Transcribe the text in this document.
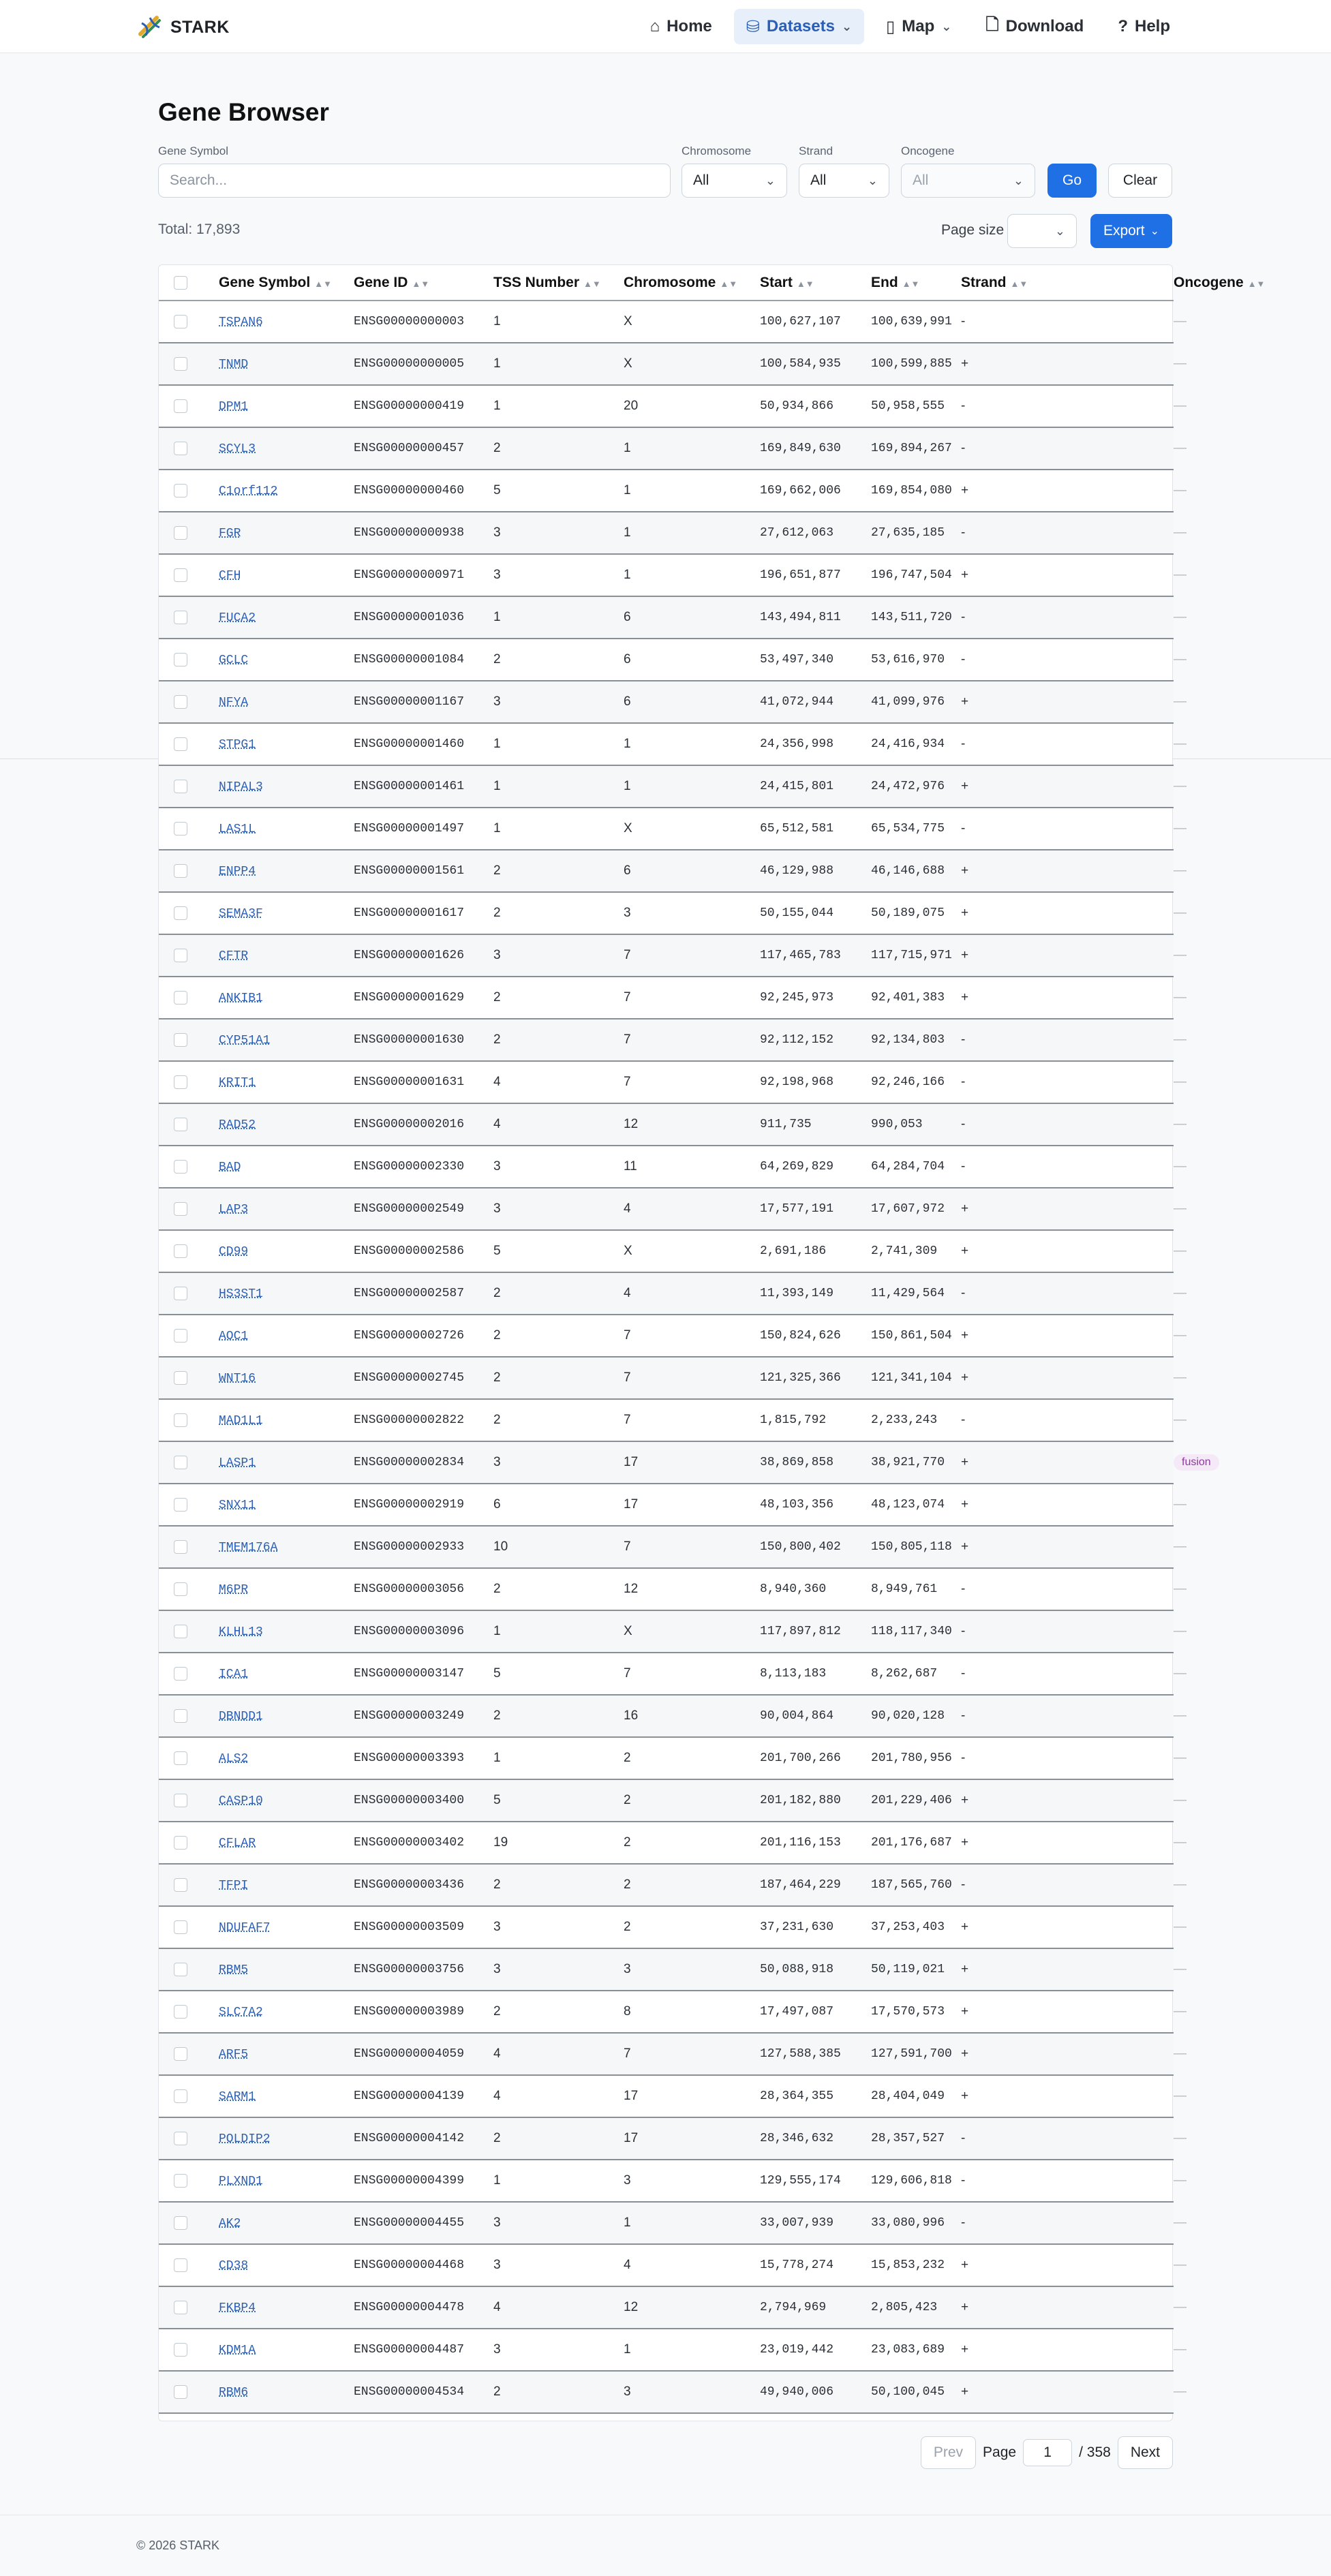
STARK	⌂ Home ⛁ Datasets ⌄ ▯ Map ⌄ 🗋 Download ? Help
Gene Browser
Gene Symbol
Search...
Chromosome
All	⌄
Strand
All	⌄
Oncogene
All	⌄	Go	Clear
Total: 17,893	Page size	⌄	Export ⌄
	Gene Symbol ▲▼	Gene ID ▲▼	TSS Number ▲▼	Chromosome ▲▼	Start ▲▼	End ▲▼	Strand ▲▼	Oncogene ▲▼
	TSPAN6	ENSG00000000003	1	X	100,627,107	100,639,991	-	—
	TNMD	ENSG00000000005	1	X	100,584,935	100,599,885	+	—
	DPM1	ENSG00000000419	1	20	50,934,866	50,958,555	-	—
	SCYL3	ENSG00000000457	2	1	169,849,630	169,894,267	-	—
	C1orf112	ENSG00000000460	5	1	169,662,006	169,854,080	+	—
	FGR	ENSG00000000938	3	1	27,612,063	27,635,185	-	—
	CFH	ENSG00000000971	3	1	196,651,877	196,747,504	+	—
	FUCA2	ENSG00000001036	1	6	143,494,811	143,511,720	-	—
	GCLC	ENSG00000001084	2	6	53,497,340	53,616,970	-	—
	NFYA	ENSG00000001167	3	6	41,072,944	41,099,976	+	—
	STPG1	ENSG00000001460	1	1	24,356,998	24,416,934	-	—
	NIPAL3	ENSG00000001461	1	1	24,415,801	24,472,976	+	—
	LAS1L	ENSG00000001497	1	X	65,512,581	65,534,775	-	—
	ENPP4	ENSG00000001561	2	6	46,129,988	46,146,688	+	—
	SEMA3F	ENSG00000001617	2	3	50,155,044	50,189,075	+	—
	CFTR	ENSG00000001626	3	7	117,465,783	117,715,971	+	—
	ANKIB1	ENSG00000001629	2	7	92,245,973	92,401,383	+	—
	CYP51A1	ENSG00000001630	2	7	92,112,152	92,134,803	-	—
	KRIT1	ENSG00000001631	4	7	92,198,968	92,246,166	-	—
	RAD52	ENSG00000002016	4	12	911,735	990,053	-	—
	BAD	ENSG00000002330	3	11	64,269,829	64,284,704	-	—
	LAP3	ENSG00000002549	3	4	17,577,191	17,607,972	+	—
	CD99	ENSG00000002586	5	X	2,691,186	2,741,309	+	—
	HS3ST1	ENSG00000002587	2	4	11,393,149	11,429,564	-	—
	AOC1	ENSG00000002726	2	7	150,824,626	150,861,504	+	—
	WNT16	ENSG00000002745	2	7	121,325,366	121,341,104	+	—
	MAD1L1	ENSG00000002822	2	7	1,815,792	2,233,243	-	—
	LASP1	ENSG00000002834	3	17	38,869,858	38,921,770	+	fusion
	SNX11	ENSG00000002919	6	17	48,103,356	48,123,074	+	—
	TMEM176A	ENSG00000002933	10	7	150,800,402	150,805,118	+	—
	M6PR	ENSG00000003056	2	12	8,940,360	8,949,761	-	—
	KLHL13	ENSG00000003096	1	X	117,897,812	118,117,340	-	—
	ICA1	ENSG00000003147	5	7	8,113,183	8,262,687	-	—
	DBNDD1	ENSG00000003249	2	16	90,004,864	90,020,128	-	—
	ALS2	ENSG00000003393	1	2	201,700,266	201,780,956	-	—
	CASP10	ENSG00000003400	5	2	201,182,880	201,229,406	+	—
	CFLAR	ENSG00000003402	19	2	201,116,153	201,176,687	+	—
	TFPI	ENSG00000003436	2	2	187,464,229	187,565,760	-	—
	NDUFAF7	ENSG00000003509	3	2	37,231,630	37,253,403	+	—
	RBM5	ENSG00000003756	3	3	50,088,918	50,119,021	+	—
	SLC7A2	ENSG00000003989	2	8	17,497,087	17,570,573	+	—
	ARF5	ENSG00000004059	4	7	127,588,385	127,591,700	+	—
	SARM1	ENSG00000004139	4	17	28,364,355	28,404,049	+	—
	POLDIP2	ENSG00000004142	2	17	28,346,632	28,357,527	-	—
	PLXND1	ENSG00000004399	1	3	129,555,174	129,606,818	-	—
	AK2	ENSG00000004455	3	1	33,007,939	33,080,996	-	—
	CD38	ENSG00000004468	3	4	15,778,274	15,853,232	+	—
	FKBP4	ENSG00000004478	4	12	2,794,969	2,805,423	+	—
	KDM1A	ENSG00000004487	3	1	23,019,442	23,083,689	+	—
	RBM6	ENSG00000004534	2	3	49,940,006	50,100,045	+	—
Prev	Page	1	/ 358	Next
© 2026 STARK
